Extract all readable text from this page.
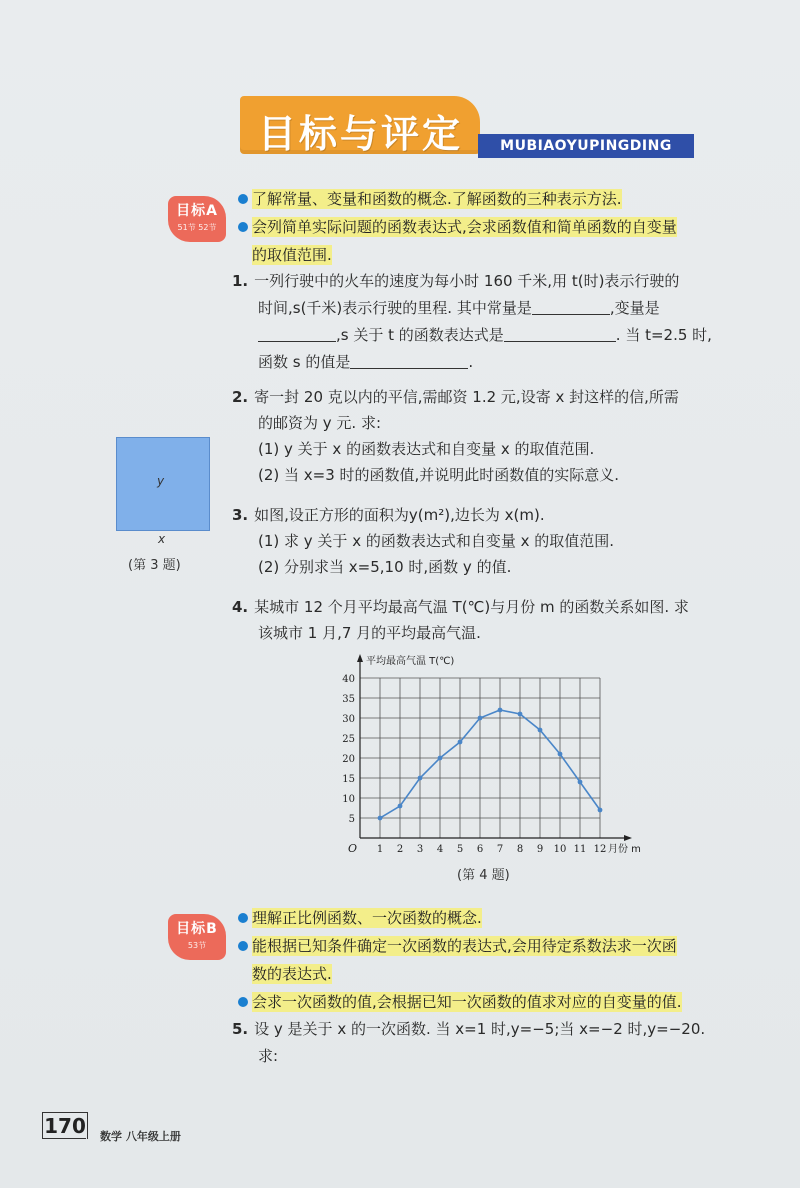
目标与评定	MUBIAOYUPINGDING
目标A
51节 52节
了解常量、变量和函数的概念.了解函数的三种表示方法.
会列简单实际问题的函数表达式,会求函数值和简单函数的自变量
的取值范围.
1. 一列行驶中的火车的速度为每小时 160 千米,用 t(时)表示行驶的
时间,s(千米)表示行驶的里程. 其中常量是	,变量是
,s 关于 t 的函数表达式是	. 当 t=2.5 时,
函数 s 的值是	.
2. 寄一封 20 克以内的平信,需邮资 1.2 元,设寄 x 封这样的信,所需
的邮资为 y 元. 求:
(1) y 关于 x 的函数表达式和自变量 x 的取值范围.
(2) 当 x=3 时的函数值,并说明此时函数值的实际意义.
y
x
(第 3 题)
3. 如图,设正方形的面积为y(m²),边长为 x(m).
(1) 求 y 关于 x 的函数表达式和自变量 x 的取值范围.
(2) 分别求当 x=5,10 时,函数 y 的值.
4. 某城市 12 个月平均最高气温 T(℃)与月份 m 的函数关系如图. 求
该城市 1 月,7 月的平均最高气温.
5
10
15
20
25
30
35
40
1 2 3 4 5 6 7 8 9 10 11 12
O
平均最高气温 T(℃)
月份 m
(第 4 题)
目标B
53节
理解正比例函数、一次函数的概念.
能根据已知条件确定一次函数的表达式,会用待定系数法求一次函
数的表达式.
会求一次函数的值,会根据已知一次函数的值求对应的自变量的值.
5. 设 y 是关于 x 的一次函数. 当 x=1 时,y=−5;当 x=−2 时,y=−20.
求:
170 数学 八年级上册
